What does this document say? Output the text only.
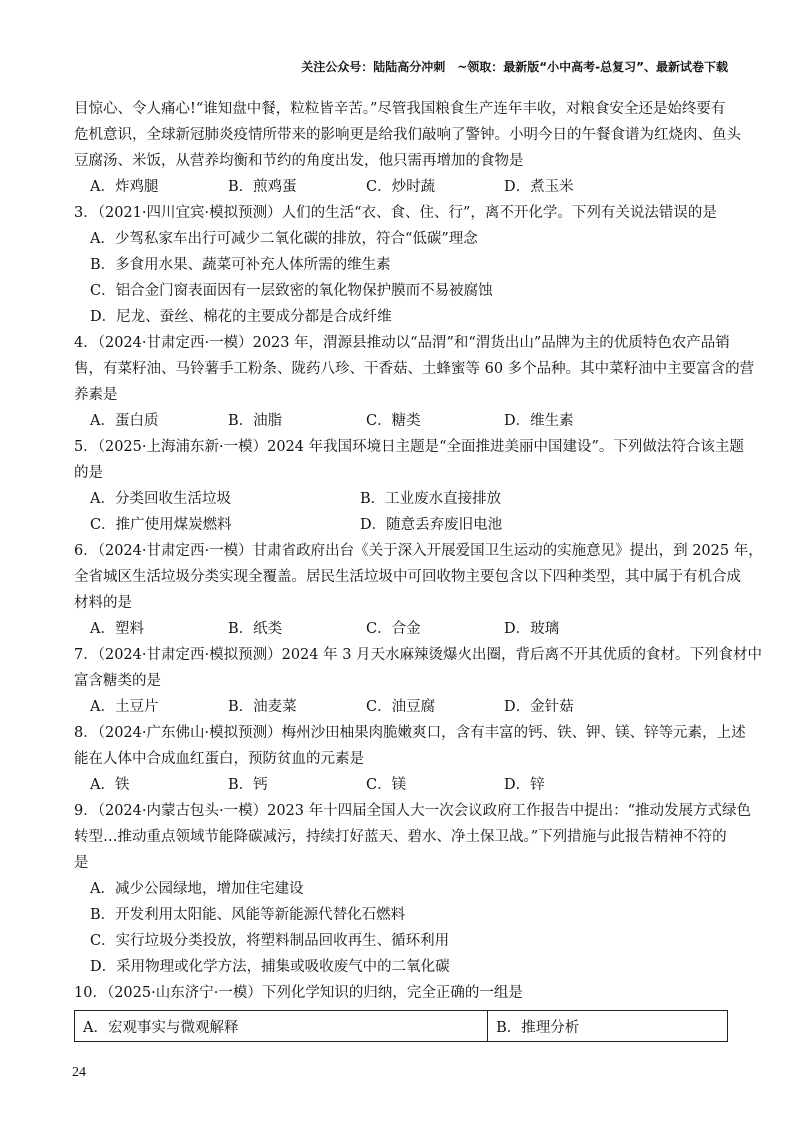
关注公众号：陆陆高分冲刺　~领取：最新版“小中高考-总复习”、最新试卷下载
目惊心、令人痛心!“谁知盘中餐，粒粒皆辛苦。”尽管我国粮食生产连年丰收，对粮食安全还是始终要有
危机意识，全球新冠肺炎疫情所带来的影响更是给我们敲响了警钟。小明今日的午餐食谱为红烧肉、鱼头
豆腐汤、米饭，从营养均衡和节约的角度出发，他只需再增加的食物是
A．炸鸡腿	B．煎鸡蛋	C．炒时蔬	D．煮玉米
3．（2021·四川宜宾·模拟预测）人们的生活“衣、食、住、行”，离不开化学。下列有关说法错误的是
A．少驾私家车出行可减少二氧化碳的排放，符合“低碳”理念
B．多食用水果、蔬菜可补充人体所需的维生素
C．铝合金门窗表面因有一层致密的氧化物保护膜而不易被腐蚀
D．尼龙、蚕丝、棉花的主要成分都是合成纤维
4．（2024·甘肃定西·一模）2023 年，渭源县推动以“品渭”和“渭货出山”品牌为主的优质特色农产品销
售，有菜籽油、马铃薯手工粉条、陇药八珍、干香菇、土蜂蜜等 60 多个品种。其中菜籽油中主要富含的营
养素是
A．蛋白质	B．油脂	C．糖类	D．维生素
5．（2025·上海浦东新·一模）2024 年我国环境日主题是“全面推进美丽中国建设”。下列做法符合该主题
的是
A．分类回收生活垃圾	B．工业废水直接排放
C．推广使用煤炭燃料	D．随意丢弃废旧电池
6．（2024·甘肃定西·一模）甘肃省政府出台《关于深入开展爱国卫生运动的实施意见》提出，到 2025 年，
全省城区生活垃圾分类实现全覆盖。居民生活垃圾中可回收物主要包含以下四种类型，其中属于有机合成
材料的是
A．塑料	B．纸类	C．合金	D．玻璃
7．（2024·甘肃定西·模拟预测）2024 年 3 月天水麻辣烫爆火出圈，背后离不开其优质的食材。下列食材中
富含糖类的是
A．土豆片	B．油麦菜	C．油豆腐	D．金针菇
8．（2024·广东佛山·模拟预测）梅州沙田柚果肉脆嫩爽口，含有丰富的钙、铁、钾、镁、锌等元素，上述
能在人体中合成血红蛋白，预防贫血的元素是
A．铁	B．钙	C．镁	D．锌
9．（2024·内蒙古包头·一模）2023 年十四届全国人大一次会议政府工作报告中提出：“推动发展方式绿色
转型…推动重点领域节能降碳减污，持续打好蓝天、碧水、净土保卫战。”下列措施与此报告精神不符的
是
A．减少公园绿地，增加住宅建设
B．开发利用太阳能、风能等新能源代替化石燃料
C．实行垃圾分类投放，将塑料制品回收再生、循环利用
D．采用物理或化学方法，捕集或吸收废气中的二氧化碳
10．（2025·山东济宁·一模）下列化学知识的归纳，完全正确的一组是
A．宏观事实与微观解释	B．推理分析
24
